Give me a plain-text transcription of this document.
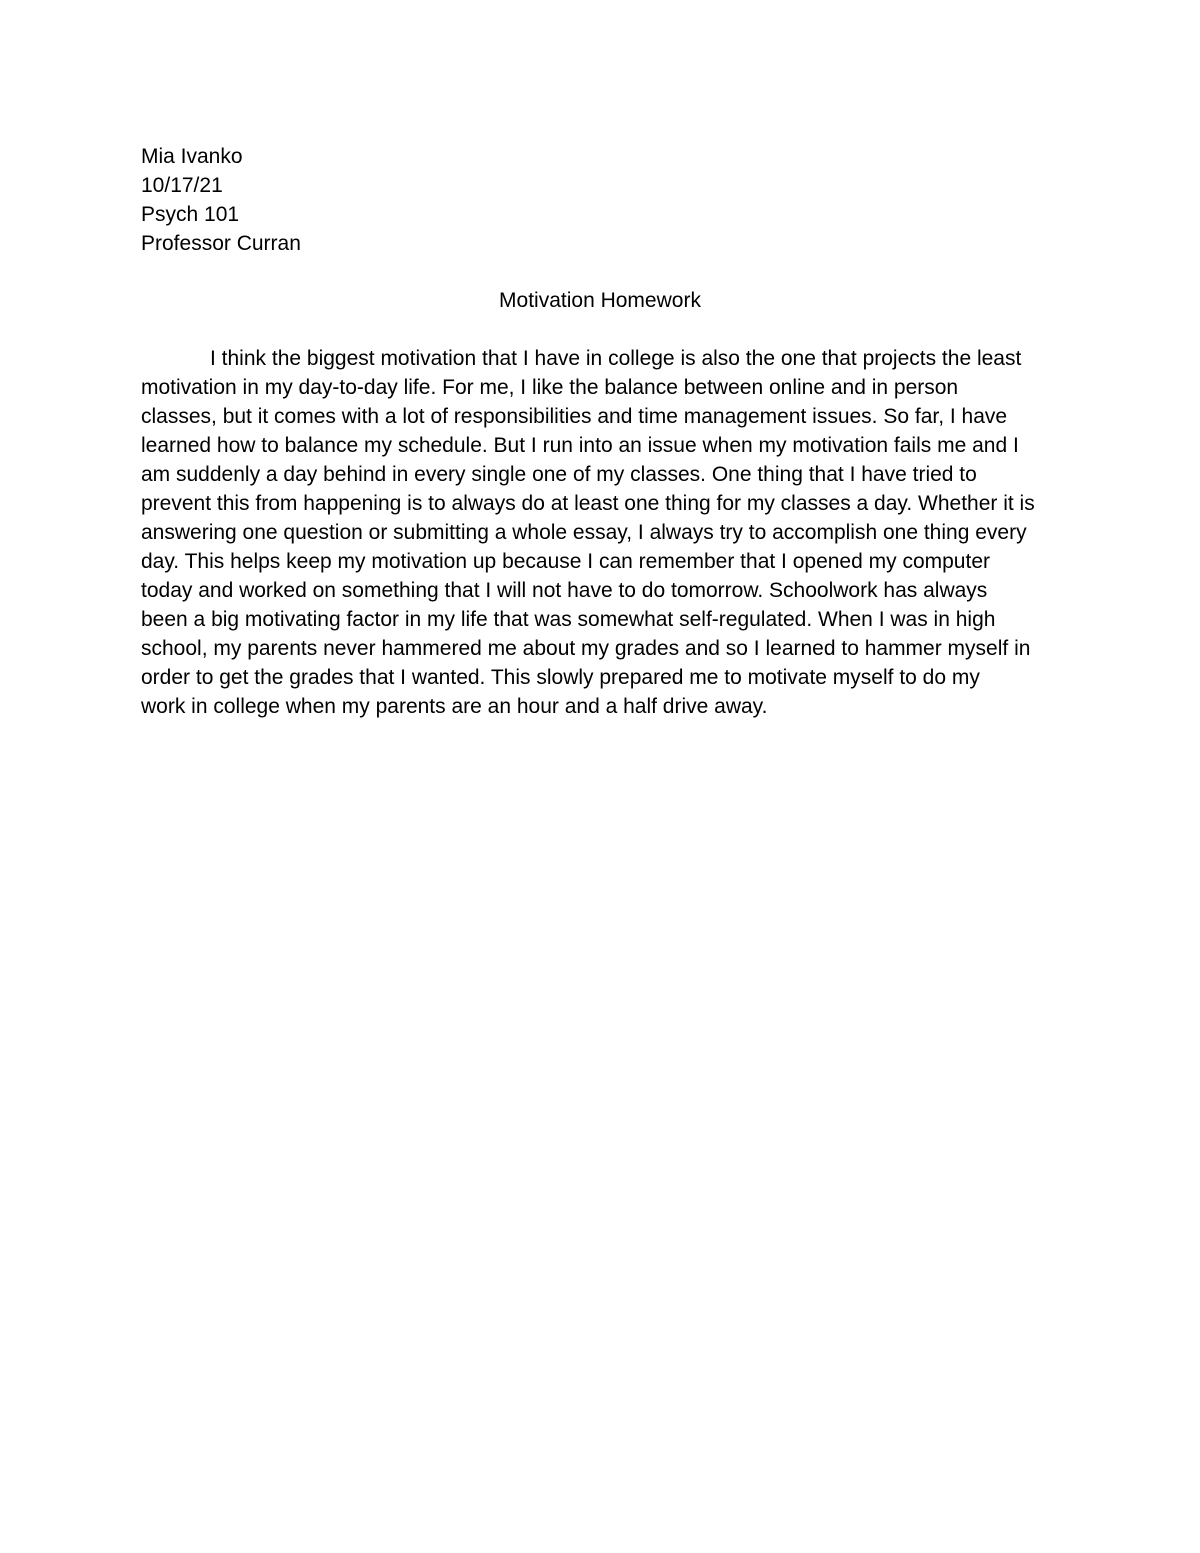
Mia Ivanko
10/17/21
Psych 101
Professor Curran
Motivation Homework
I think the biggest motivation that I have in college is also the one that projects the least
motivation in my day-to-day life. For me, I like the balance between online and in person
classes, but it comes with a lot of responsibilities and time management issues. So far, I have
learned how to balance my schedule. But I run into an issue when my motivation fails me and I
am suddenly a day behind in every single one of my classes. One thing that I have tried to
prevent this from happening is to always do at least one thing for my classes a day. Whether it is
answering one question or submitting a whole essay, I always try to accomplish one thing every
day. This helps keep my motivation up because I can remember that I opened my computer
today and worked on something that I will not have to do tomorrow. Schoolwork has always
been a big motivating factor in my life that was somewhat self-regulated. When I was in high
school, my parents never hammered me about my grades and so I learned to hammer myself in
order to get the grades that I wanted. This slowly prepared me to motivate myself to do my
work in college when my parents are an hour and a half drive away.
